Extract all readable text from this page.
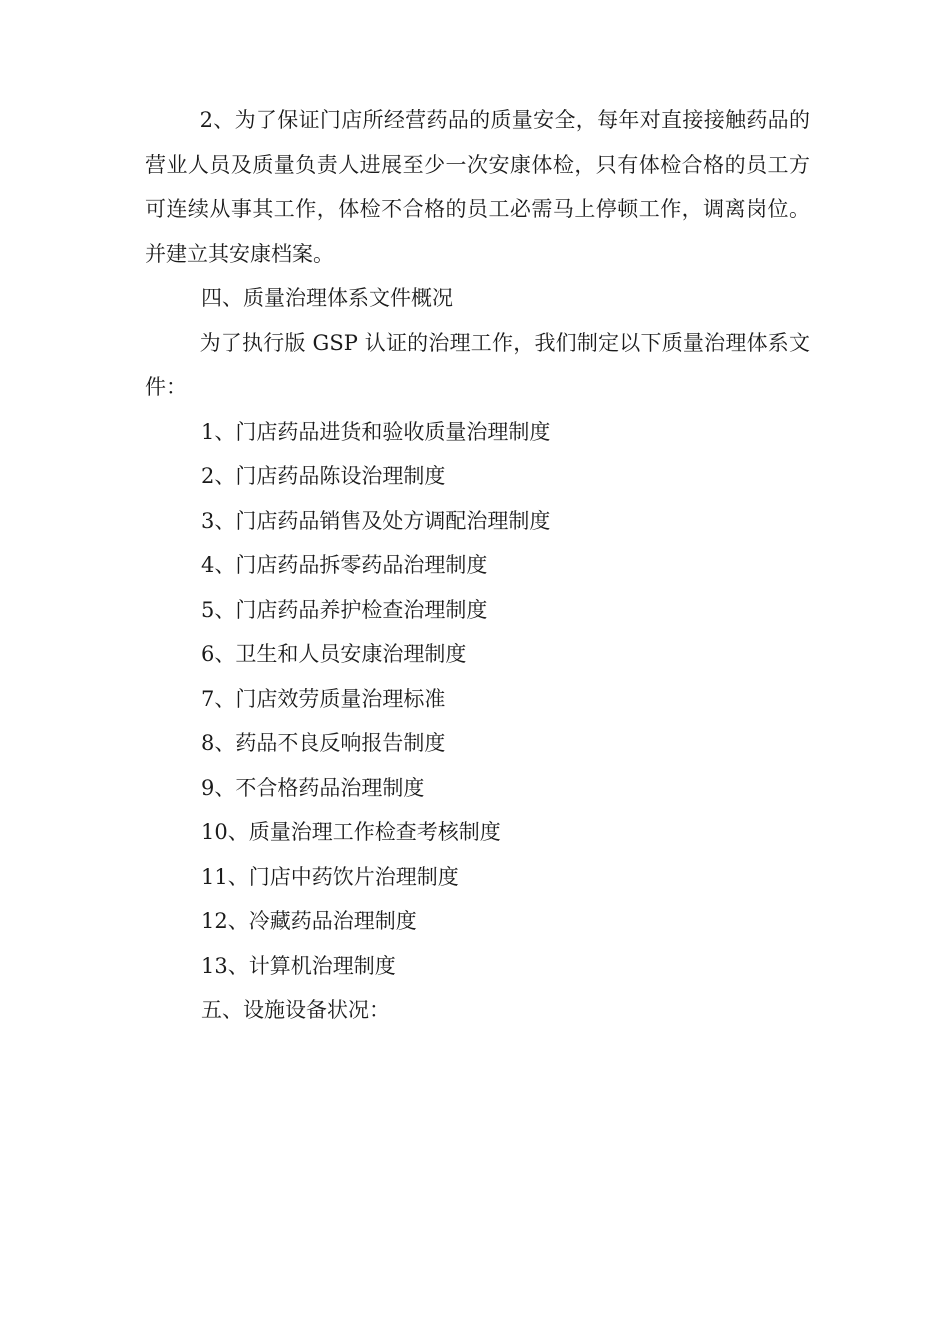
2、为了保证门店所经营药品的质量安全，每年对直接接触药品的营业人员及质量负责人进展至少一次安康体检，只有体检合格的员工方可连续从事其工作，体检不合格的员工必需马上停顿工作，调离岗位。并建立其安康档案。

四、质量治理体系文件概况

为了执行版 GSP 认证的治理工作，我们制定以下质量治理体系文件：

1、门店药品进货和验收质量治理制度

2、门店药品陈设治理制度

3、门店药品销售及处方调配治理制度

4、门店药品拆零药品治理制度

5、门店药品养护检查治理制度

6、卫生和人员安康治理制度

7、门店效劳质量治理标准

8、药品不良反响报告制度

9、不合格药品治理制度

10、质量治理工作检查考核制度

11、门店中药饮片治理制度

12、冷藏药品治理制度

13、计算机治理制度

五、设施设备状况：
